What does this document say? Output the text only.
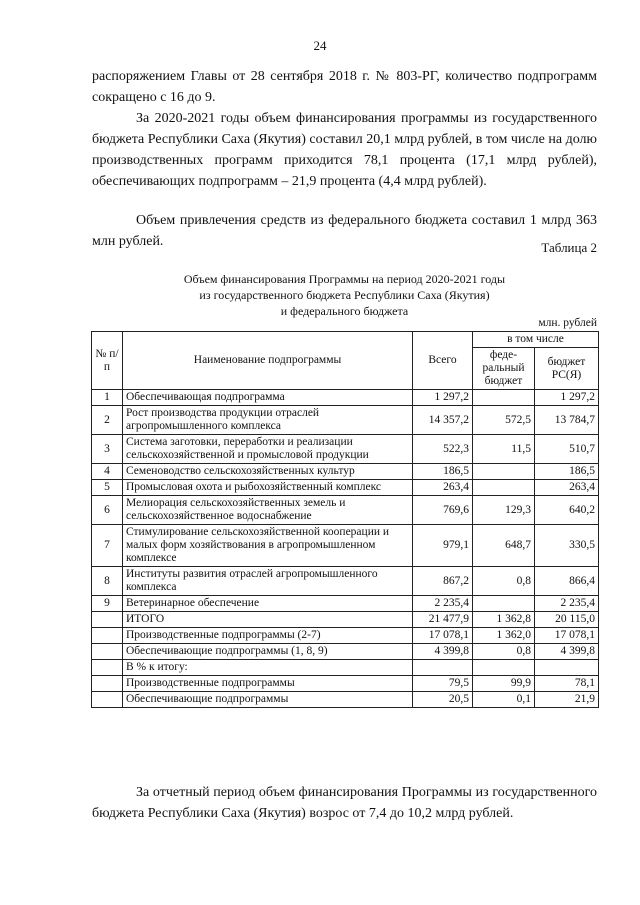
24

распоряжением Главы от 28 сентября 2018 г. № 803-РГ, количество подпрограмм сокращено с 16 до 9.

За 2020-2021 годы объем финансирования программы из государственного бюджета Республики Саха (Якутия) составил 20,1 млрд рублей, в том числе на долю производственных программ приходится 78,1 процента (17,1 млрд рублей), обеспечивающих подпрограмм – 21,9 процента (4,4 млрд рублей).

Объем привлечения средств из федерального бюджета составил 1 млрд 363 млн рублей.	Таблица 2
Объем финансирования Программы на период 2020-2021 годы
из государственного бюджета Республики Саха (Якутия)
и федерального бюджета
млн. рублей
№ п/п	Наименование подпрограммы	Всего	в том числе	
			феде-ральный бюджет	бюджет РС(Я)
1	Обеспечивающая подпрограмма	1 297,2		1 297,2
2	Рост производства продукции отраслей агропромышленного комплекса	14 357,2	572,5	13 784,7
3	Система заготовки, переработки и реализации сельскохозяйственной и промысловой продукции	522,3	11,5	510,7
4	Семеноводство сельскохозяйственных культур	186,5		186,5
5	Промысловая охота и рыбохозяйственный комплекс	263,4		263,4
6	Мелиорация сельскохозяйственных земель и сельскохозяйственное водоснабжение	769,6	129,3	640,2
7	Стимулирование сельскохозяйственной кооперации и малых форм хозяйствования в агропромышленном комплексе	979,1	648,7	330,5
8	Институты развития отраслей агропромышленного комплекса	867,2	0,8	866,4
9	Ветеринарное обеспечение	2 235,4		2 235,4
	ИТОГО	21 477,9	1 362,8	20 115,0
	Производственные подпрограммы (2-7)	17 078,1	1 362,0	17 078,1
	Обеспечивающие подпрограммы (1, 8, 9)	4 399,8	0,8	4 399,8
	В % к итогу:			
	Производственные подпрограммы	79,5	99,9	78,1
	Обеспечивающие подпрограммы	20,5	0,1	21,9

За отчетный период объем финансирования Программы из государственного бюджета Республики Саха (Якутия) возрос от 7,4 до 10,2 млрд рублей.
